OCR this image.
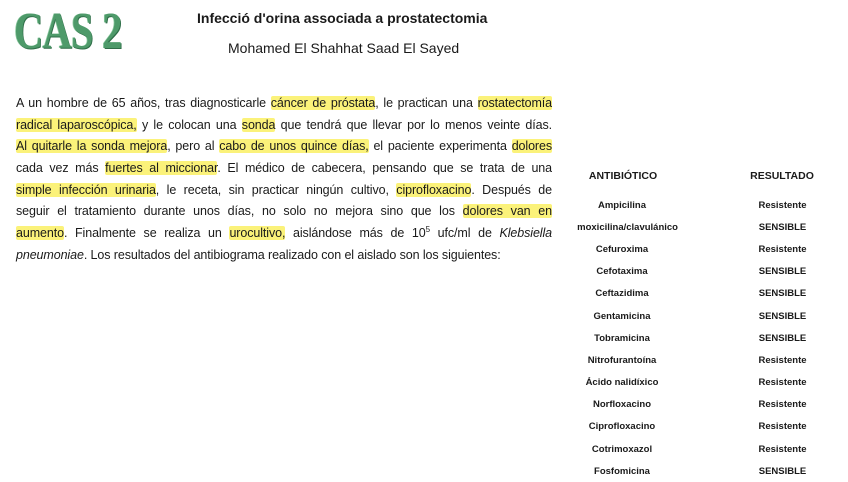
CAS 2	Infecció d'orina associada a prostatectomia
Mohamed El Shahhat Saad El Sayed
A un hombre de 65 años, tras diagnosticarle cáncer de próstata, le practican una rostatectomía
radical laparoscópica, y le colocan una sonda que tendrá que llevar por lo menos veinte días.
Al quitarle la sonda mejora, pero al cabo de unos quince días, el paciente experimenta dolores
cada vez más fuertes al miccionar. El médico de cabecera, pensando que se trata de una
simple infección urinaria, le receta, sin practicar ningún cultivo, ciprofloxacino. Después de
seguir el tratamiento durante unos días, no solo no mejora sino que los dolores van en
aumento. Finalmente se realiza un urocultivo, aislándose más de $10^5$ ufc/ml de Klebsiella
pneumoniae. Los resultados del antibiograma realizado con el aislado son los siguientes:
ANTIBIÓTICO	RESULTADO

Ampicilina	Resistente

moxicilina/clavulánico	SENSIBLE

Cefuroxima	Resistente

Cefotaxima	SENSIBLE

Ceftazidima	SENSIBLE

Gentamicina	SENSIBLE

Tobramicina	SENSIBLE

Nitrofurantoína	Resistente

Ácido nalidíxico	Resistente

Norfloxacino	Resistente

Ciprofloxacino	Resistente

Cotrimoxazol	Resistente

Fosfomicina	SENSIBLE
